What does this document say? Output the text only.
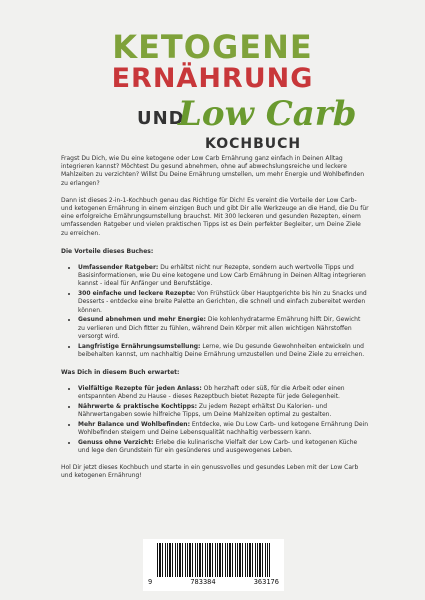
KETOGENE
ERNÄHRUNG
UND
Low Carb
KOCHBUCH

Fragst Du Dich, wie Du eine ketogene oder Low Carb Ernährung ganz einfach in Deinen Alltag integrieren kannst? Möchtest Du gesund abnehmen, ohne auf abwechslungsreiche und leckere Mahlzeiten zu verzichten? Willst Du Deine Ernährung umstellen, um mehr Energie und Wohlbefinden zu erlangen?

Dann ist dieses 2-in-1-Kochbuch genau das Richtige für Dich! Es vereint die Vorteile der Low Carb- und ketogenen Ernährung in einem einzigen Buch und gibt Dir alle Werkzeuge an die Hand, die Du für eine erfolgreiche Ernährungsumstellung brauchst. Mit 300 leckeren und gesunden Rezepten, einem umfassenden Ratgeber und vielen praktischen Tipps ist es Dein perfekter Begleiter, um Deine Ziele zu erreichen.

Die Vorteile dieses Buches:
• Umfassender Ratgeber: Du erhältst nicht nur Rezepte, sondern auch wertvolle Tipps und Basisinformationen, wie Du eine ketogene und Low Carb Ernährung in Deinen Alltag integrieren kannst - ideal für Anfänger und Berufstätige.
• 300 einfache und leckere Rezepte: Von Frühstück über Hauptgerichte bis hin zu Snacks und Desserts - entdecke eine breite Palette an Gerichten, die schnell und einfach zubereitet werden können.
• Gesund abnehmen und mehr Energie: Die kohlenhydratarme Ernährung hilft Dir, Gewicht zu verlieren und Dich fitter zu fühlen, während Dein Körper mit allen wichtigen Nährstoffen versorgt wird.
• Langfristige Ernährungsumstellung: Lerne, wie Du gesunde Gewohnheiten entwickeln und beibehalten kannst, um nachhaltig Deine Ernährung umzustellen und Deine Ziele zu erreichen.
Was Dich in diesem Buch erwartet:
• Vielfältige Rezepte für jeden Anlass: Ob herzhaft oder süß, für die Arbeit oder einen entspannten Abend zu Hause - dieses Rezeptbuch bietet Rezepte für jede Gelegenheit.
• Nährwerte & praktische Kochtipps: Zu jedem Rezept erhältst Du Kalorien- und Nährwertangaben sowie hilfreiche Tipps, um Deine Mahlzeiten optimal zu gestalten.
• Mehr Balance und Wohlbefinden: Entdecke, wie Du Low Carb- und ketogene Ernährung Dein Wohlbefinden steigern und Deine Lebensqualität nachhaltig verbessern kann.
• Genuss ohne Verzicht: Erlebe die kulinarische Vielfalt der Low Carb- und ketogenen Küche und lege den Grundstein für ein gesünderes und ausgewogenes Leben.

Hol Dir jetzt dieses Kochbuch und starte in ein genussvolles und gesundes Leben mit der Low Carb und ketogenen Ernährung!

9	783384	363176
